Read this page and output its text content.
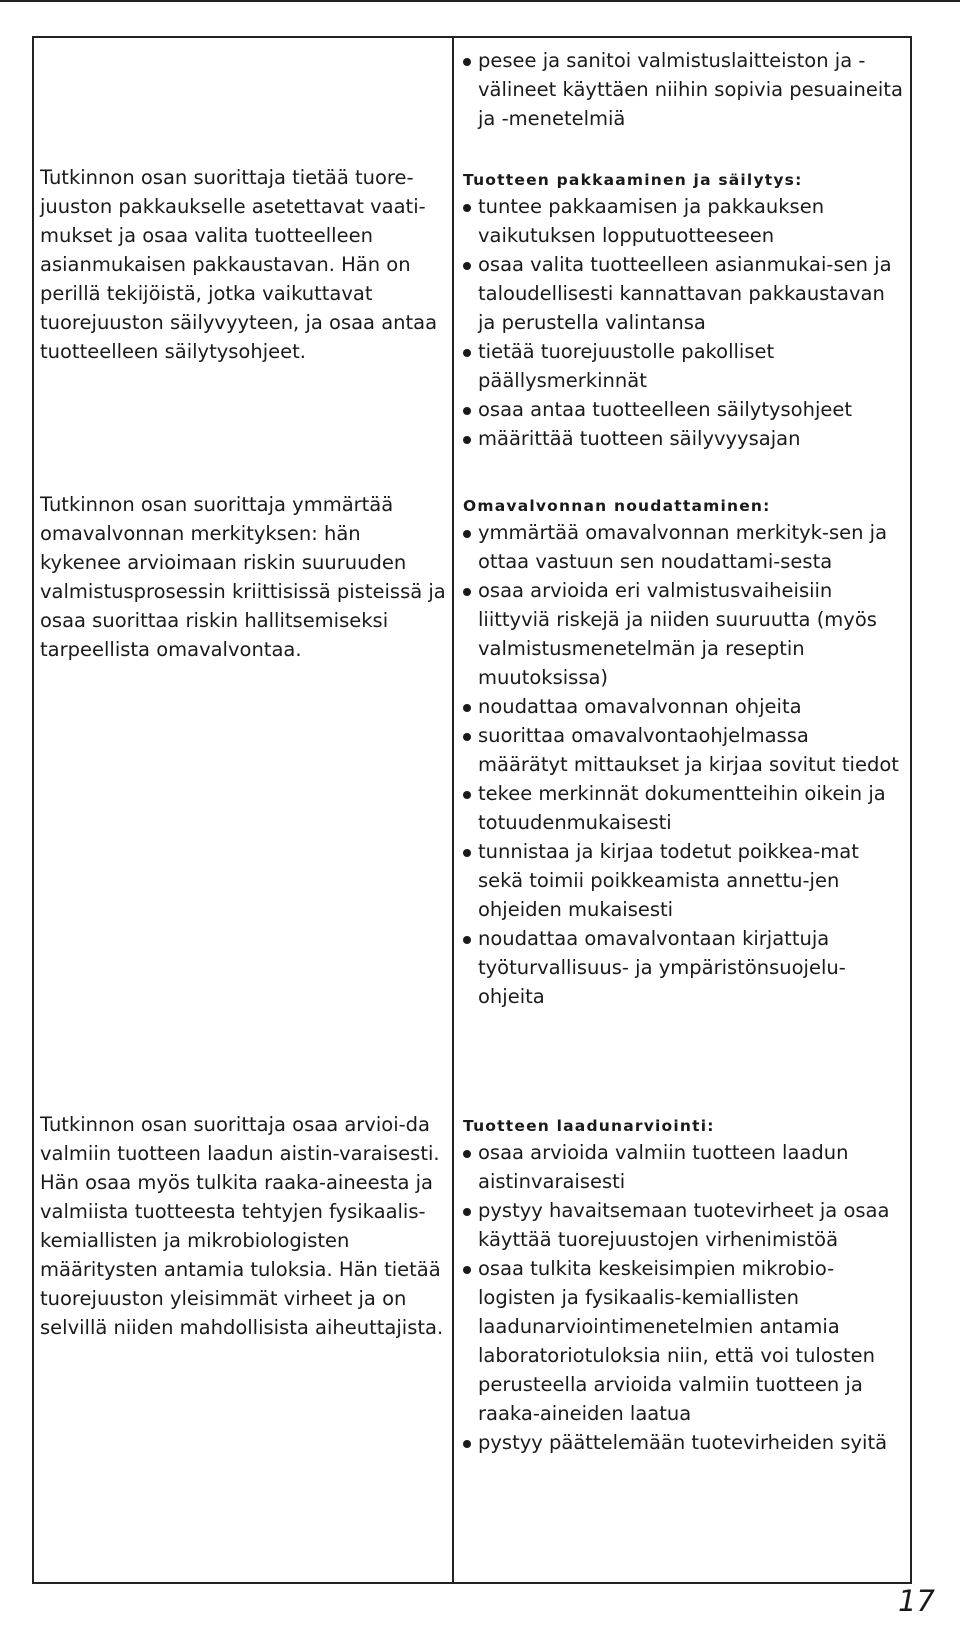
Tutkinnon osan suorittaja tietää tuore-juuston pakkaukselle asetettavat vaati-mukset ja osaa valita tuotteelleen asianmukaisen pakkaustavan. Hän on perillä tekijöistä, jotka vaikuttavat tuorejuuston säilyvyyteen, ja osaa antaa tuotteelleen säilytysohjeet.

Tutkinnon osan suorittaja ymmärtää omavalvonnan merkityksen: hän kykenee arvioimaan riskin suuruuden valmistusprosessin kriittisissä pisteissä ja osaa suorittaa riskin hallitsemiseksi tarpeellista omavalvontaa.

Tutkinnon osan suorittaja osaa arvioi-da valmiin tuotteen laadun aistin-varaisesti. Hän osaa myös tulkita raaka-aineesta ja valmiista tuotteesta tehtyjen fysikaalis-kemiallisten ja mikrobiologisten määritysten antamia tuloksia. Hän tietää tuorejuuston yleisimmät virheet ja on selvillä niiden mahdollisista aiheuttajista.

pesee ja sanitoi valmistuslaitteiston ja -välineet käyttäen niihin sopivia pesuaineita ja -menetelmiä

Tuotteen pakkaaminen ja säilytys:

tuntee pakkaamisen ja pakkauksen vaikutuksen lopputuotteeseen
osaa valita tuotteelleen asianmukai-sen ja taloudellisesti kannattavan pakkaustavan ja perustella valintansa
tietää tuorejuustolle pakolliset päällysmerkinnät
osaa antaa tuotteelleen säilytysohjeet
määrittää tuotteen säilyvyysajan

Omavalvonnan noudattaminen:

ymmärtää omavalvonnan merkityk-sen ja ottaa vastuun sen noudattami-sesta
osaa arvioida eri valmistusvaiheisiin liittyviä riskejä ja niiden suuruutta (myös valmistusmenetelmän ja reseptin muutoksissa)
noudattaa omavalvonnan ohjeita
suorittaa omavalvontaohjelmassa määrätyt mittaukset ja kirjaa sovitut tiedot
tekee merkinnät dokumentteihin oikein ja totuudenmukaisesti
tunnistaa ja kirjaa todetut poikkea-mat sekä toimii poikkeamista annettu-jen ohjeiden mukaisesti
noudattaa omavalvontaan kirjattuja työturvallisuus- ja ympäristönsuojelu-ohjeita

Tuotteen laadunarviointi:

osaa arvioida valmiin tuotteen laadun aistinvaraisesti
pystyy havaitsemaan tuotevirheet ja osaa käyttää tuorejuustojen virhenimistöä
osaa tulkita keskeisimpien mikrobio-logisten ja fysikaalis-kemiallisten laadunarviointimenetelmien antamia laboratoriotuloksia niin, että voi tulosten perusteella arvioida valmiin tuotteen ja raaka-aineiden laatua
pystyy päättelemään tuotevirheiden syitä
17
